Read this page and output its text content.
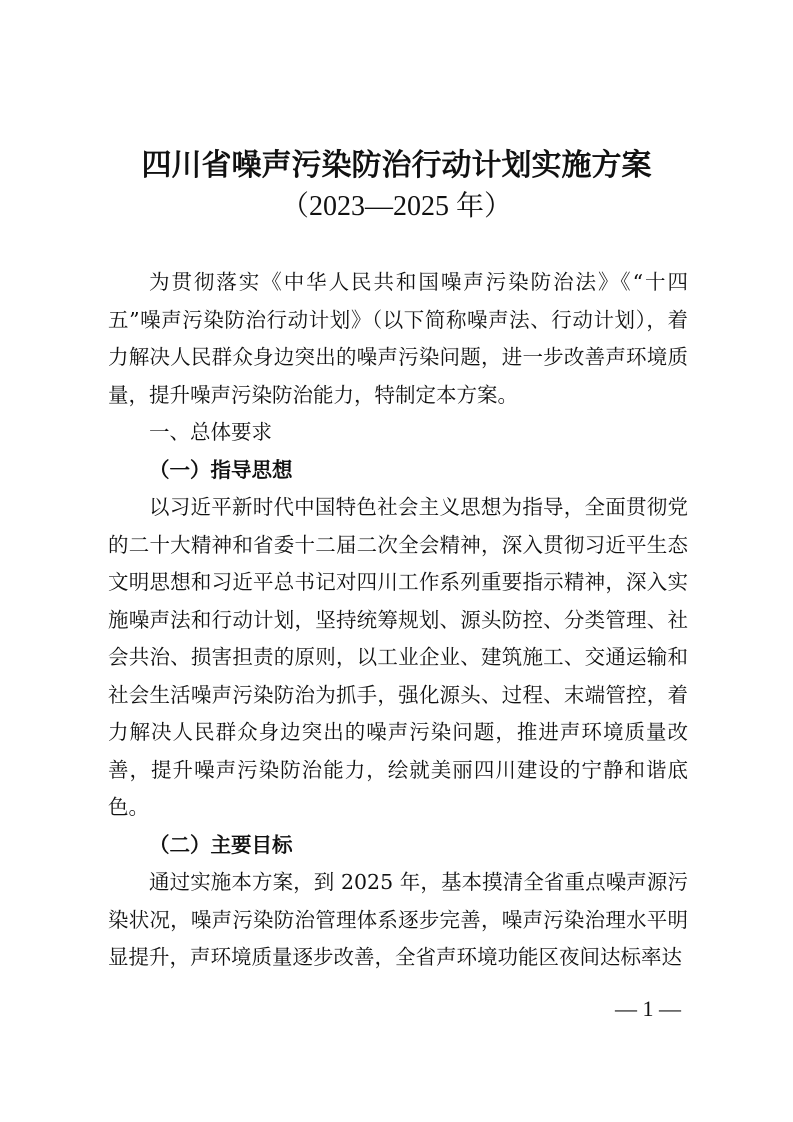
四川省噪声污染防治行动计划实施方案
（2023—2025 年）

为贯彻落实《中华人民共和国噪声污染防治法》《“十四五”噪声污染防治行动计划》（以下简称噪声法、行动计划），着力解决人民群众身边突出的噪声污染问题，进一步改善声环境质量，提升噪声污染防治能力，特制定本方案。

一、总体要求

（一）指导思想

以习近平新时代中国特色社会主义思想为指导，全面贯彻党的二十大精神和省委十二届二次全会精神，深入贯彻习近平生态文明思想和习近平总书记对四川工作系列重要指示精神，深入实施噪声法和行动计划，坚持统筹规划、源头防控、分类管理、社会共治、损害担责的原则，以工业企业、建筑施工、交通运输和社会生活噪声污染防治为抓手，强化源头、过程、末端管控，着力解决人民群众身边突出的噪声污染问题，推进声环境质量改善，提升噪声污染防治能力，绘就美丽四川建设的宁静和谐底色。

（二）主要目标

通过实施本方案，到 2025 年，基本摸清全省重点噪声源污染状况，噪声污染防治管理体系逐步完善，噪声污染治理水平明显提升，声环境质量逐步改善，全省声环境功能区夜间达标率达

— 1 —
